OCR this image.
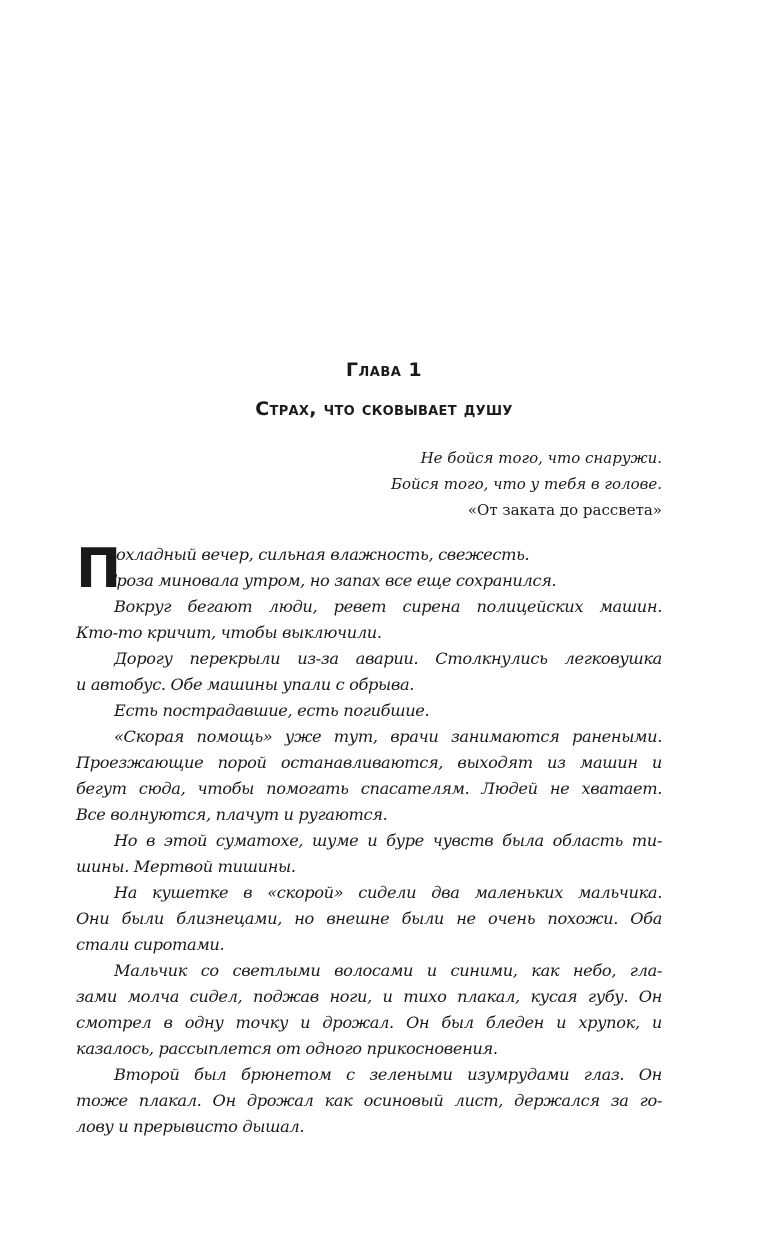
Глава 1
Страх, что сковывает душу
Не бойся того, что снаружи.
Бойся того, что у тебя в голове.
«От заката до рассвета»
П
рохладный вечер, сильная влажность, свежесть.
Гроза миновала утром, но запах все еще сохранился.
Вокруг бегают люди, ревет сирена полицейских машин.
Кто-то кричит, чтобы выключили.
Дорогу перекрыли из-за аварии. Столкнулись легковушка
и автобус. Обе машины упали с обрыва.
Есть пострадавшие, есть погибшие.
«Скорая помощь» уже тут, врачи занимаются ранеными.
Проезжающие порой останавливаются, выходят из машин и
бегут сюда, чтобы помогать спасателям. Людей не хватает.
Все волнуются, плачут и ругаются.
Но в этой суматохе, шуме и буре чувств была область ти-
шины. Мертвой тишины.
На кушетке в «скорой» сидели два маленьких мальчика.
Они были близнецами, но внешне были не очень похожи. Оба
стали сиротами.
Мальчик со светлыми волосами и синими, как небо, гла-
зами молча сидел, поджав ноги, и тихо плакал, кусая губу. Он
смотрел в одну точку и дрожал. Он был бледен и хрупок, и
казалось, рассыплется от одного прикосновения.
Второй был брюнетом с зелеными изумрудами глаз. Он
тоже плакал. Он дрожал как осиновый лист, держался за го-
лову и прерывисто дышал.
